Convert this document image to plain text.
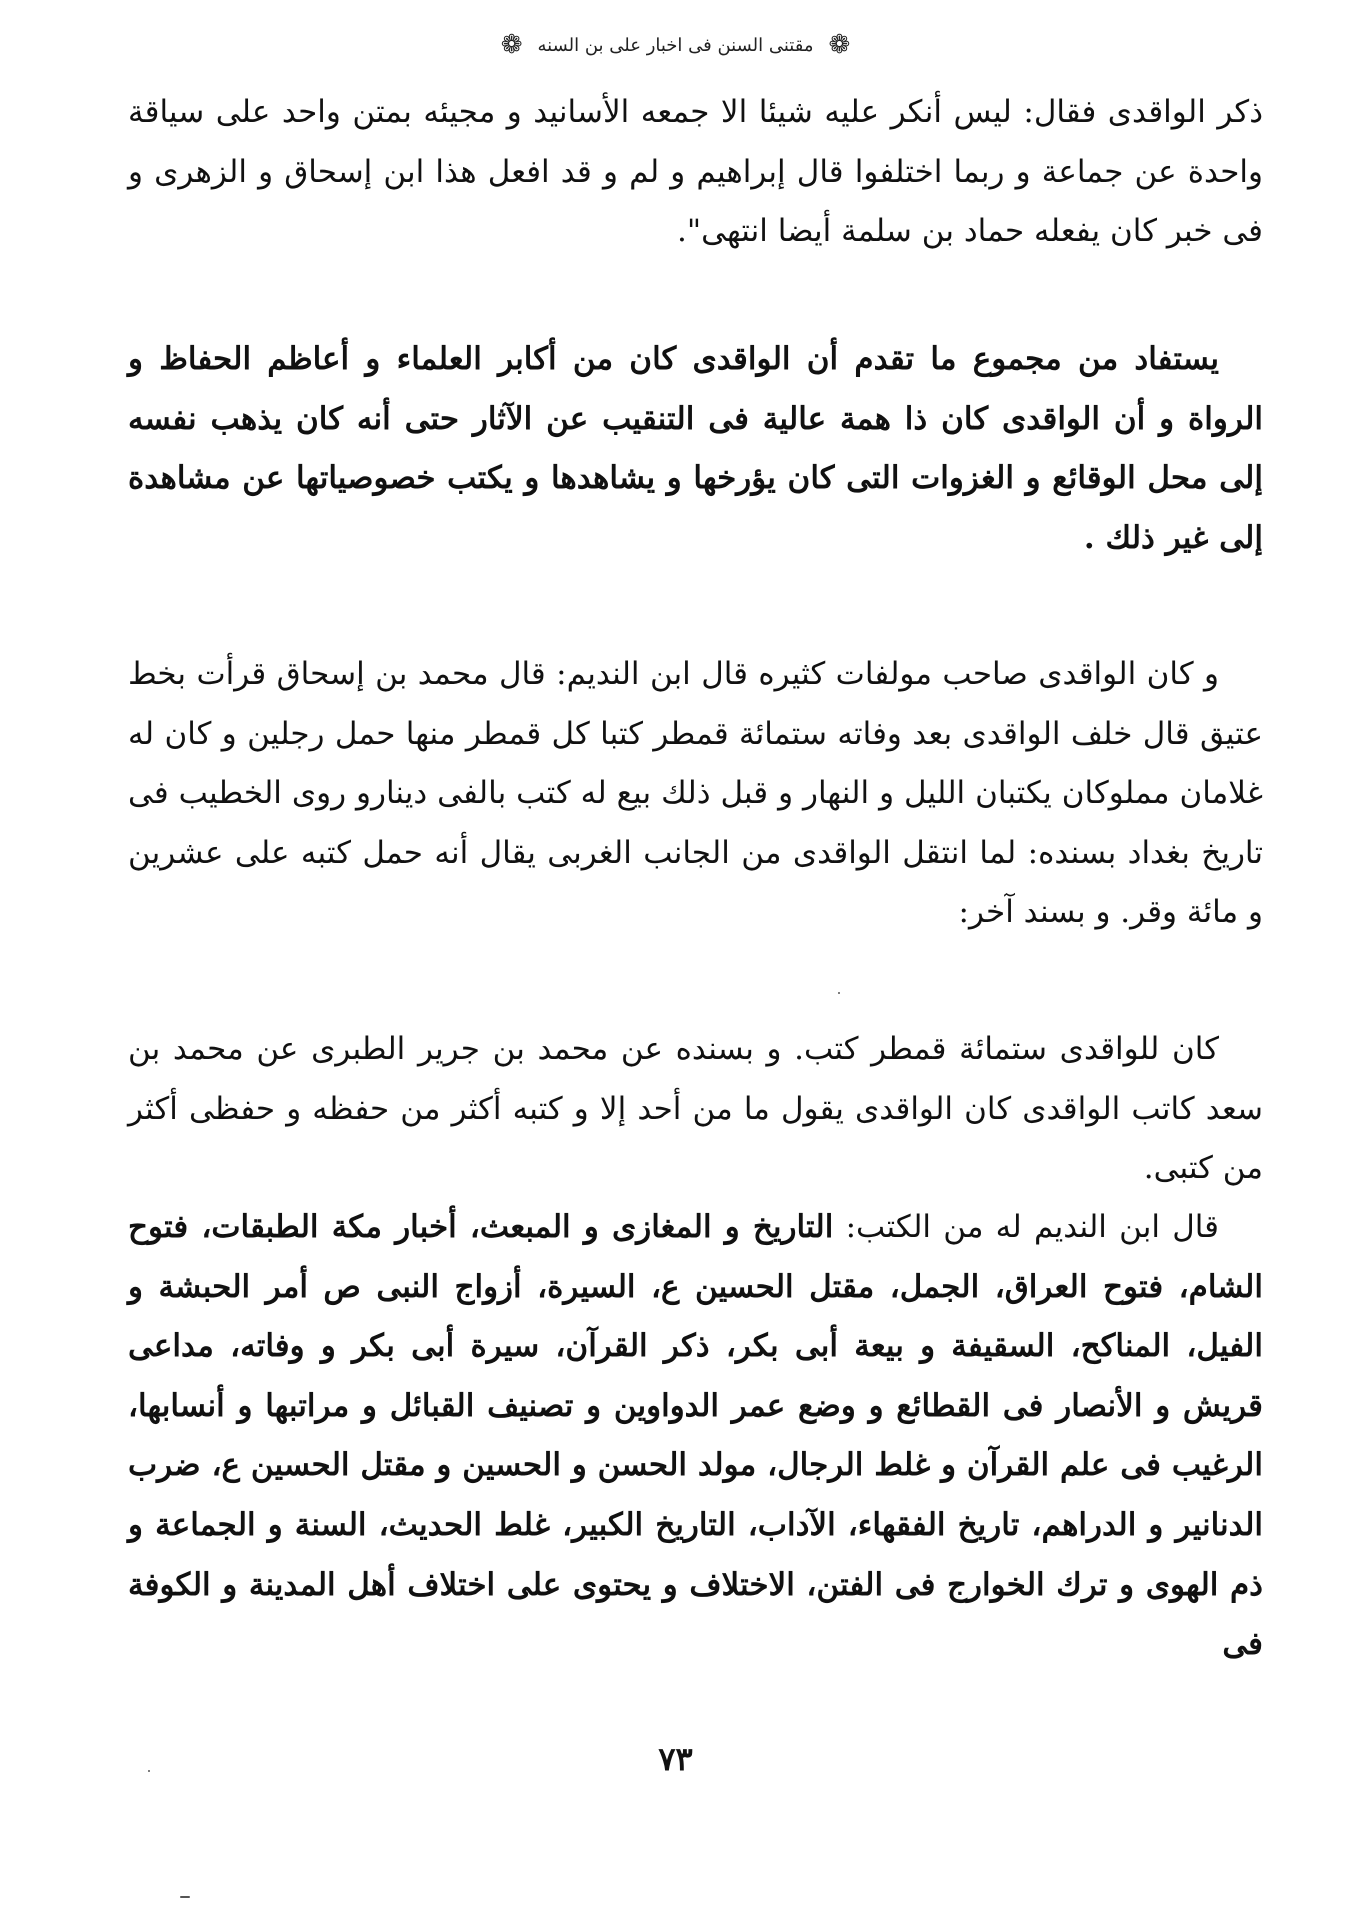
❁ مقتنی السنن فی اخبار علی بن السنه ❁

ذكر الواقدى فقال: ليس أنكر عليه شيئا الا جمعه الأسانيد و مجيئه بمتن واحد على سياقة واحدة عن جماعة و ربما اختلفوا قال إبراهيم و لم و قد افعل هذا ابن إسحاق و الزهرى و فى خبر كان يفعله حماد بن سلمة أيضا انتهى".

يستفاد من مجموع ما تقدم أن الواقدى كان من أكابر العلماء و أعاظم الحفاظ و الرواة و أن الواقدى كان ذا همة عالية فى التنقيب عن الآثار حتى أنه كان يذهب نفسه إلى محل الوقائع و الغزوات التى كان يؤرخها و يشاهدها و يكتب خصوصياتها عن مشاهدة إلى غير ذلك .

و كان الواقدى صاحب مولفات كثيره قال ابن النديم: قال محمد بن إسحاق قرأت بخط عتيق قال خلف الواقدى بعد وفاته ستمائة قمطر كتبا كل قمطر منها حمل رجلين و كان له غلامان مملوكان يكتبان الليل و النهار و قبل ذلك بيع له كتب بالفى دينارو روى الخطيب فى تاريخ بغداد بسنده: لما انتقل الواقدى من الجانب الغربى يقال أنه حمل كتبه على عشرين و مائة وقر. و بسند آخر:

كان للواقدى ستمائة قمطر كتب. و بسنده عن محمد بن جرير الطبرى عن محمد بن سعد كاتب الواقدى كان الواقدى يقول ما من أحد إلا و كتبه أكثر من حفظه و حفظى أكثر من كتبى.

قال ابن النديم له من الكتب: التاريخ و المغازى و المبعث، أخبار مكة الطبقات، فتوح الشام، فتوح العراق، الجمل، مقتل الحسين ع، السيرة، أزواج النبى ص أمر الحبشة و الفيل، المناكح، السقيفة و بيعة أبى بكر، ذكر القرآن، سيرة أبى بكر و وفاته، مداعى قريش و الأنصار فى القطائع و وضع عمر الدواوين و تصنيف القبائل و مراتبها و أنسابها، الرغيب فى علم القرآن و غلط الرجال، مولد الحسن و الحسين و مقتل الحسين ع، ضرب الدنانير و الدراهم، تاريخ الفقهاء، الآداب، التاريخ الكبير، غلط الحديث، السنة و الجماعة و ذم الهوى و ترك الخوارج فى الفتن، الاختلاف و يحتوى على اختلاف أهل المدينة و الكوفة فى

٧٣
